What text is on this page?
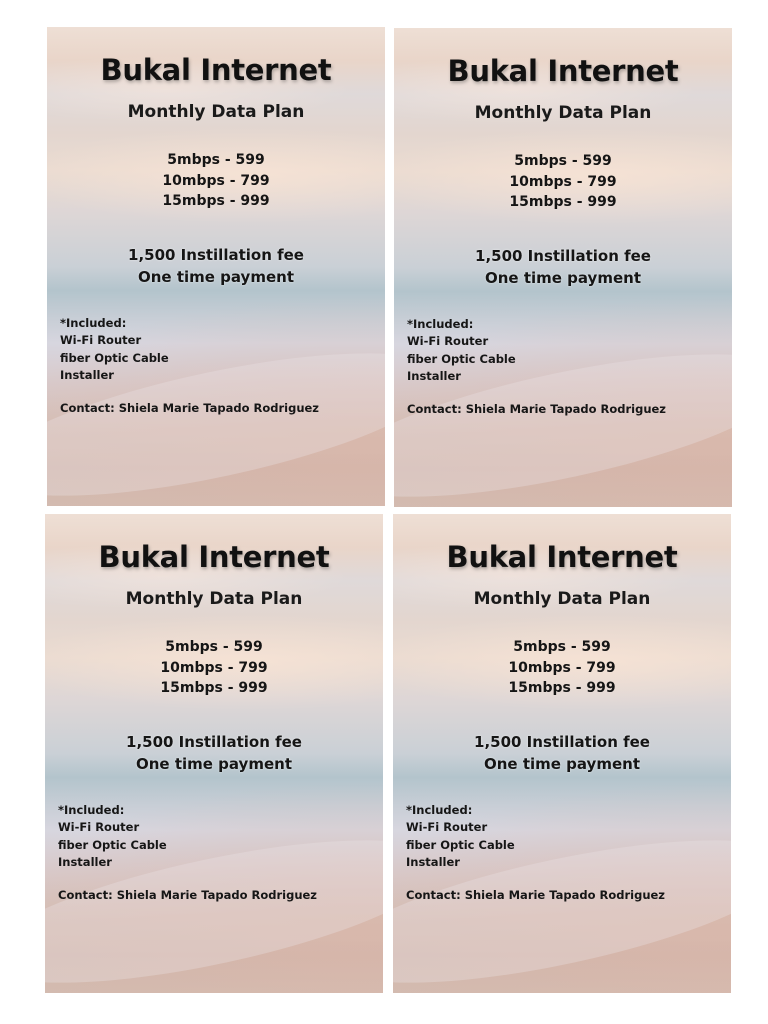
Bukal Internet
Monthly Data Plan
5mbps - 599
10mbps - 799
15mbps - 999
1,500 Instillation fee
One time payment
*Included:
Wi-Fi Router
fiber Optic Cable
Installer
Contact: Shiela Marie Tapado Rodriguez
Bukal Internet
Monthly Data Plan
5mbps - 599
10mbps - 799
15mbps - 999
1,500 Instillation fee
One time payment
*Included:
Wi-Fi Router
fiber Optic Cable
Installer
Contact: Shiela Marie Tapado Rodriguez
Bukal Internet
Monthly Data Plan
5mbps - 599
10mbps - 799
15mbps - 999
1,500 Instillation fee
One time payment
*Included:
Wi-Fi Router
fiber Optic Cable
Installer
Contact: Shiela Marie Tapado Rodriguez
Bukal Internet
Monthly Data Plan
5mbps - 599
10mbps - 799
15mbps - 999
1,500 Instillation fee
One time payment
*Included:
Wi-Fi Router
fiber Optic Cable
Installer
Contact: Shiela Marie Tapado Rodriguez
